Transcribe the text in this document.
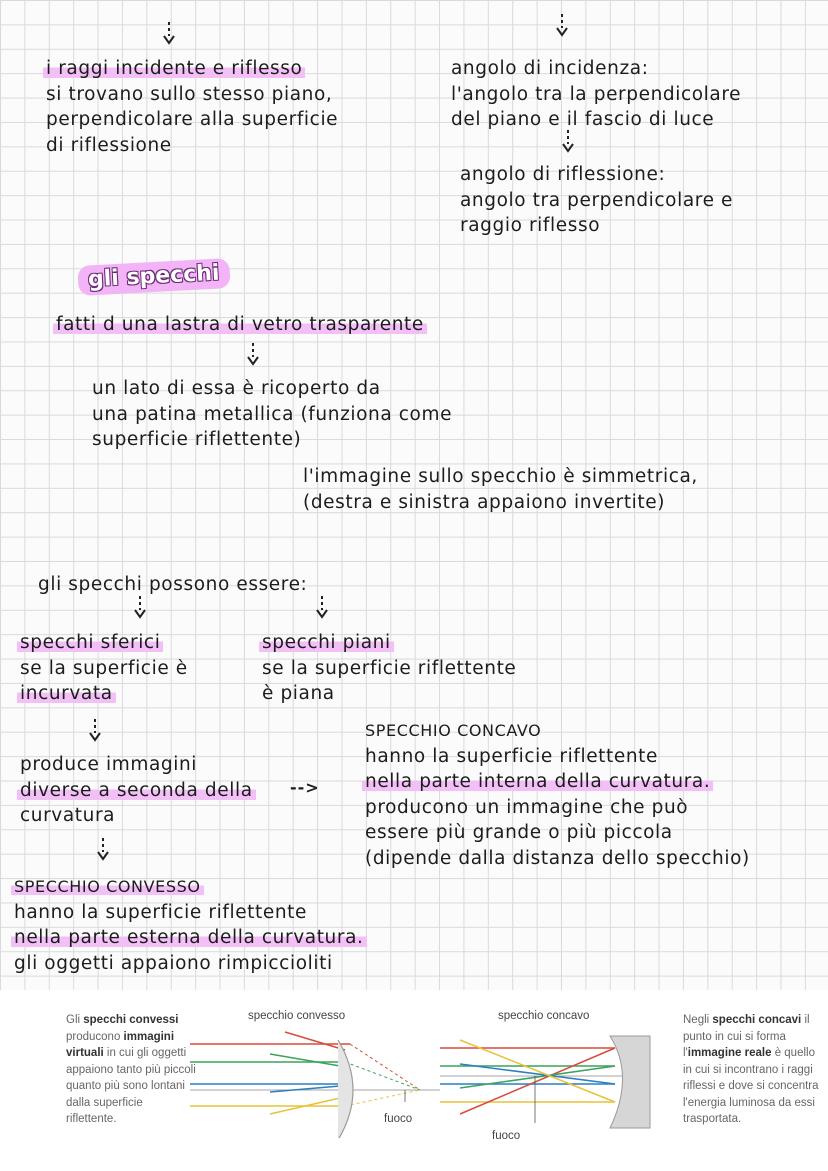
i raggi incidente e riflesso
si trovano sullo stesso piano,
perpendicolare alla superficie
di riflessione
angolo di incidenza:
l'angolo tra la perpendicolare
del piano e il fascio di luce
angolo di riflessione:
angolo tra perpendicolare e
raggio riflesso
gli specchi
fatti d una lastra di vetro trasparente
un lato di essa è ricoperto da
una patina metallica (funziona come
superficie riflettente)
l'immagine sullo specchio è simmetrica,
(destra e sinistra appaiono invertite)
gli specchi possono essere:
specchi sferici
se la superficie è
incurvata
specchi piani
se la superficie riflettente
è piana
produce immagini
diverse a seconda della
curvatura
-->
SPECCHIO CONCAVO
hanno la superficie riflettente
nella parte interna della curvatura.
producono un immagine che può
essere più grande o più piccola
(dipende dalla distanza dello specchio)
SPECCHIO CONVESSO
hanno la superficie riflettente
nella parte esterna della curvatura.
gli oggetti appaiono rimpiccioliti
Gli specchi convessi producono immagini virtuali in cui gli oggetti appaiono tanto più piccoli quanto più sono lontani dalla superficie riflettente.
specchio convesso	specchio concavo
fuoco
fuoco
Negli specchi concavi il punto in cui si forma l'immagine reale è quello in cui si incontrano i raggi riflessi e dove si concentra l'energia luminosa da essi trasportata.
